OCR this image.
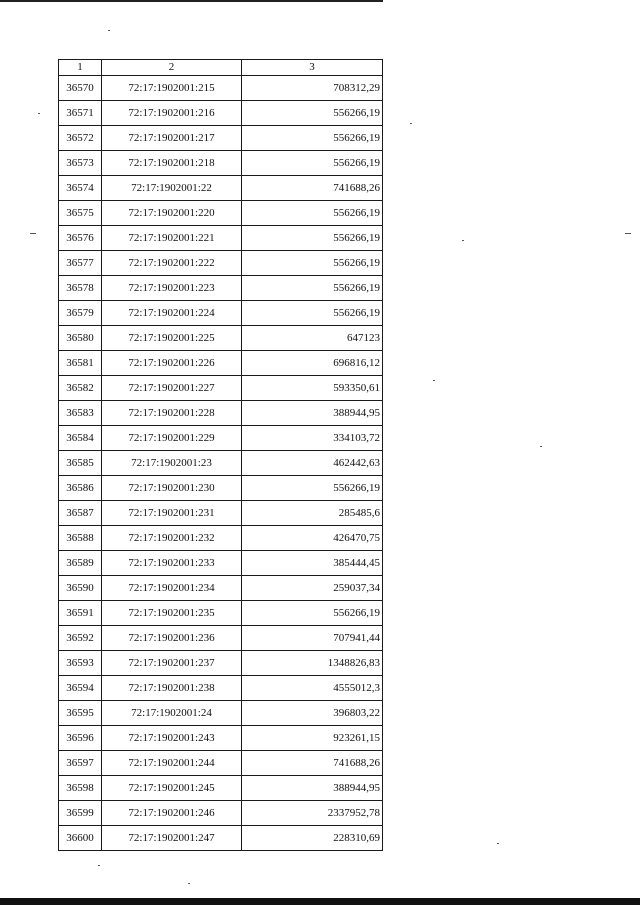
1	2	3
36570	72:17:1902001:215	708312,29
36571	72:17:1902001:216	556266,19
36572	72:17:1902001:217	556266,19
36573	72:17:1902001:218	556266,19
36574	72:17:1902001:22	741688,26
36575	72:17:1902001:220	556266,19
36576	72:17:1902001:221	556266,19
36577	72:17:1902001:222	556266,19
36578	72:17:1902001:223	556266,19
36579	72:17:1902001:224	556266,19
36580	72:17:1902001:225	647123
36581	72:17:1902001:226	696816,12
36582	72:17:1902001:227	593350,61
36583	72:17:1902001:228	388944,95
36584	72:17:1902001:229	334103,72
36585	72:17:1902001:23	462442,63
36586	72:17:1902001:230	556266,19
36587	72:17:1902001:231	285485,6
36588	72:17:1902001:232	426470,75
36589	72:17:1902001:233	385444,45
36590	72:17:1902001:234	259037,34
36591	72:17:1902001:235	556266,19
36592	72:17:1902001:236	707941,44
36593	72:17:1902001:237	1348826,83
36594	72:17:1902001:238	4555012,3
36595	72:17:1902001:24	396803,22
36596	72:17:1902001:243	923261,15
36597	72:17:1902001:244	741688,26
36598	72:17:1902001:245	388944,95
36599	72:17:1902001:246	2337952,78
36600	72:17:1902001:247	228310,69
